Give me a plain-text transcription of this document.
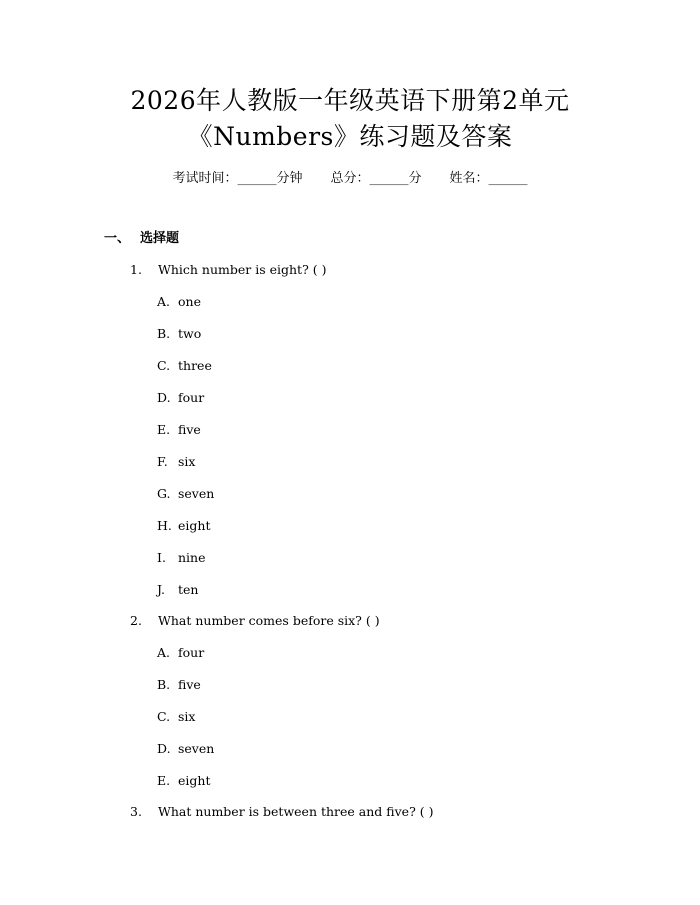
2026年人教版一年级英语下册第2单元
《Numbers》练习题及答案
考试时间：______分钟 总分：______分 姓名：______
一、 选择题
1. Which number is eight? ( )
A. one
B. two
C. three
D. four
E. five
F. six
G. seven
H. eight
I. nine
J. ten
2. What number comes before six? ( )
A. four
B. five
C. six
D. seven
E. eight
3. What number is between three and five? ( )
